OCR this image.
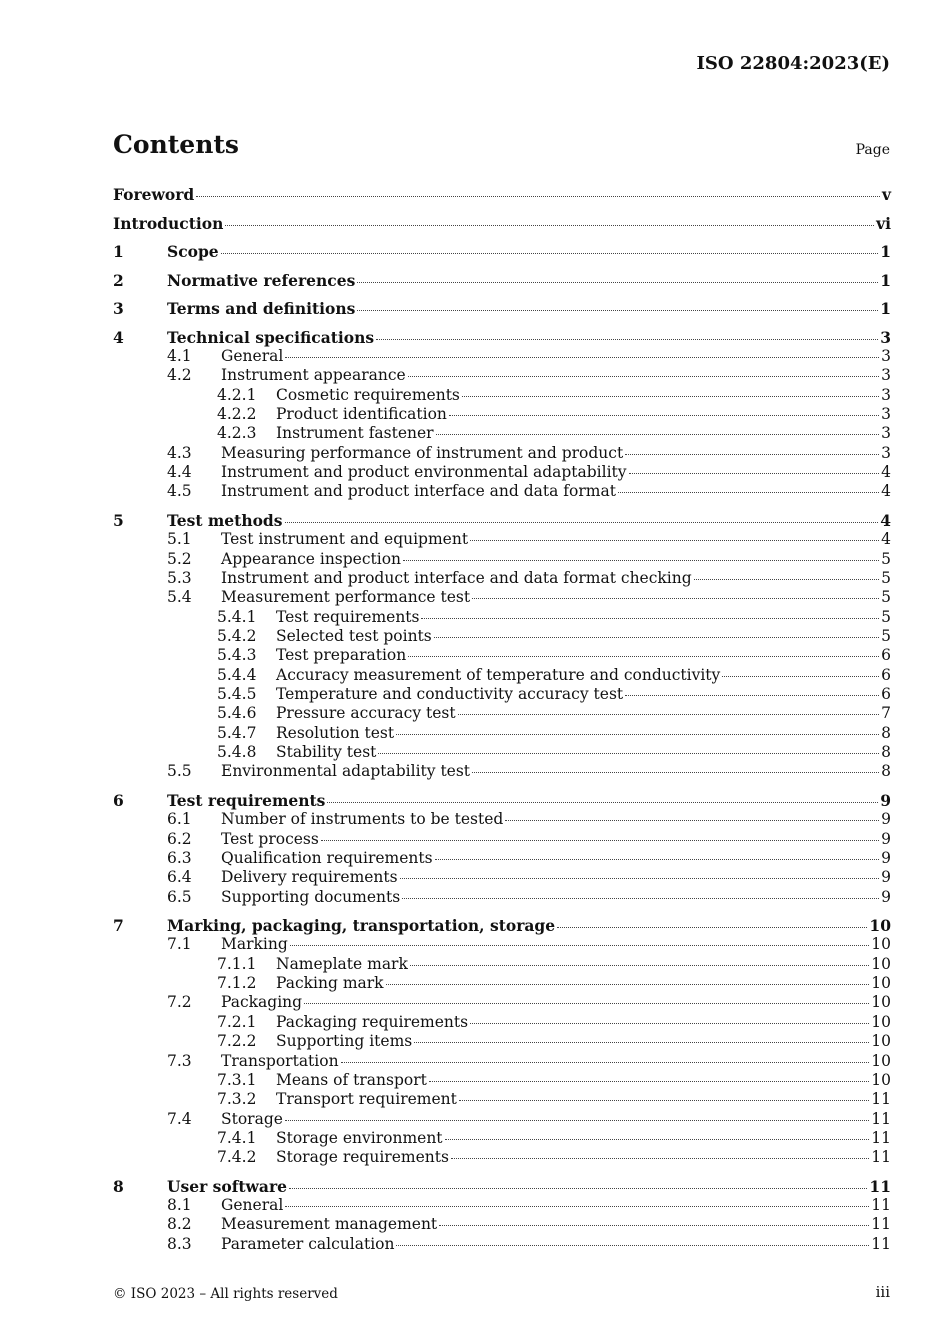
ISO 22804:2023(E)
Contents	Page
Foreword	v
Introduction	vi
1	Scope	1
2	Normative references	1
3	Terms and definitions	1
4	Technical specifications	3
4.1	General	3
4.2	Instrument appearance	3
4.2.1	Cosmetic requirements	3
4.2.2	Product identification	3
4.2.3	Instrument fastener	3
4.3	Measuring performance of instrument and product	3
4.4	Instrument and product environmental adaptability	4
4.5	Instrument and product interface and data format	4
5	Test methods	4
5.1	Test instrument and equipment	4
5.2	Appearance inspection	5
5.3	Instrument and product interface and data format checking	5
5.4	Measurement performance test	5
5.4.1	Test requirements	5
5.4.2	Selected test points	5
5.4.3	Test preparation	6
5.4.4	Accuracy measurement of temperature and conductivity	6
5.4.5	Temperature and conductivity accuracy test	6
5.4.6	Pressure accuracy test	7
5.4.7	Resolution test	8
5.4.8	Stability test	8
5.5	Environmental adaptability test	8
6	Test requirements	9
6.1	Number of instruments to be tested	9
6.2	Test process	9
6.3	Qualification requirements	9
6.4	Delivery requirements	9
6.5	Supporting documents	9
7	Marking, packaging, transportation, storage	10
7.1	Marking	10
7.1.1	Nameplate mark	10
7.1.2	Packing mark	10
7.2	Packaging	10
7.2.1	Packaging requirements	10
7.2.2	Supporting items	10
7.3	Transportation	10
7.3.1	Means of transport	10
7.3.2	Transport requirement	11
7.4	Storage	11
7.4.1	Storage environment	11
7.4.2	Storage requirements	11
8	User software	11
8.1	General	11
8.2	Measurement management	11
8.3	Parameter calculation	11
© ISO 2023 – All rights reserved	iii
